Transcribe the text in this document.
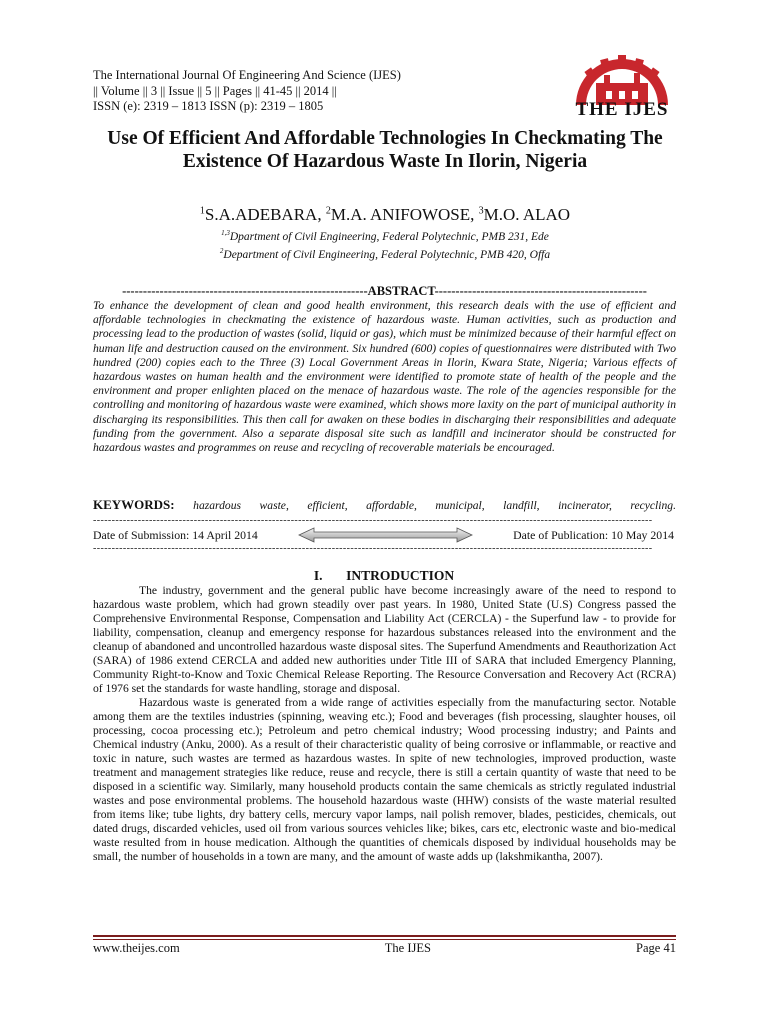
The International Journal Of Engineering And Science (IJES)
|| Volume || 3 || Issue || 5 || Pages || 41-45 || 2014 ||
ISSN (e): 2319 – 1813 ISSN (p): 2319 – 1805	THE IJES
Use Of Efficient And Affordable Technologies In Checkmating The Existence Of Hazardous Waste In Ilorin, Nigeria
$^1$S.A.ADEBARA, $^2$M.A. ANIFOWOSE, $^3$M.O. ALAO
$^{1,3}$Dpartment of Civil Engineering, Federal Polytechnic, PMB 231, Ede
$^2$Department of Civil Engineering, Federal Polytechnic, PMB 420, Offa
-----------------------------------------------------------ABSTRACT---------------------------------------------------
To enhance the development of clean and good health environment, this research deals with the use of efficient and affordable technologies in checkmating the existence of hazardous waste. Human activities, such as production and processing lead to the production of wastes (solid, liquid or gas), which must be minimized because of their harmful effect on human life and destruction caused on the environment. Six hundred (600) copies of questionnaires were distributed with Two hundred (200) copies each to the Three (3) Local Government Areas in Ilorin, Kwara State, Nigeria; Various effects of hazardous wastes on human health and the environment were identified to promote state of health of the people and the environment and proper enlighten placed on the menace of hazardous waste. The role of the agencies responsible for the controlling and monitoring of hazardous waste were examined, which shows more laxity on the part of municipal authority in discharging its responsibilities. This then call for awaken on these bodies in discharging their responsibilities and adequate funding from the government. Also a separate disposal site such as landfill and incinerator should be constructed for hazardous wastes and programmes on reuse and recycling of recoverable materials be encouraged.
KEYWORDS: hazardous waste, efficient, affordable, municipal, landfill, incinerator, recycling.
------------------------------------------------------------------------------------------------------------------------------------------------------
Date of Submission: 14 April 2014	Date of Publication: 10 May 2014
------------------------------------------------------------------------------------------------------------------------------------------------------
I.       INTRODUCTION

The industry, government and the general public have become increasingly aware of the need to respond to hazardous waste problem, which had grown steadily over past years. In 1980, United State (U.S) Congress passed the Comprehensive Environmental Response, Compensation and Liability Act (CERCLA) - the Superfund law - to provide for liability, compensation, cleanup and emergency response for hazardous substances released into the environment and the cleanup of abandoned and uncontrolled hazardous waste disposal sites. The Superfund Amendments and Reauthorization Act (SARA) of 1986 extend CERCLA and added new authorities under Title III of SARA that included Emergency Planning, Community Right-to-Know and Toxic Chemical Release Reporting. The Resource Conversation and Recovery Act (RCRA) of 1976 set the standards for waste handling, storage and disposal.

Hazardous waste is generated from a wide range of activities especially from the manufacturing sector. Notable among them are the textiles industries (spinning, weaving etc.); Food and beverages (fish processing, slaughter houses, oil processing, cocoa processing etc.); Petroleum and petro chemical industry; Wood processing industry; and Paints and Chemical industry (Anku, 2000). As a result of their characteristic quality of being corrosive or inflammable, or reactive and toxic in nature, such wastes are termed as hazardous wastes. In spite of new technologies, improved production, waste treatment and management strategies like reduce, reuse and recycle, there is still a certain quantity of waste that need to be disposed in a scientific way. Similarly, many household products contain the same chemicals as strictly regulated industrial wastes and pose environmental problems. The household hazardous waste (HHW) consists of the waste material resulted from items like; tube lights, dry battery cells, mercury vapor lamps, nail polish remover, blades, pesticides, chemicals, out dated drugs, discarded vehicles, used oil from various sources vehicles like; bikes, cars etc, electronic waste and bio-medical waste resulted from in house medication. Although the quantities of chemicals disposed by individual households may be small, the number of households in a town are many, and the amount of waste adds up (lakshmikantha, 2007).

www.theijes.com	The IJES	Page 41
